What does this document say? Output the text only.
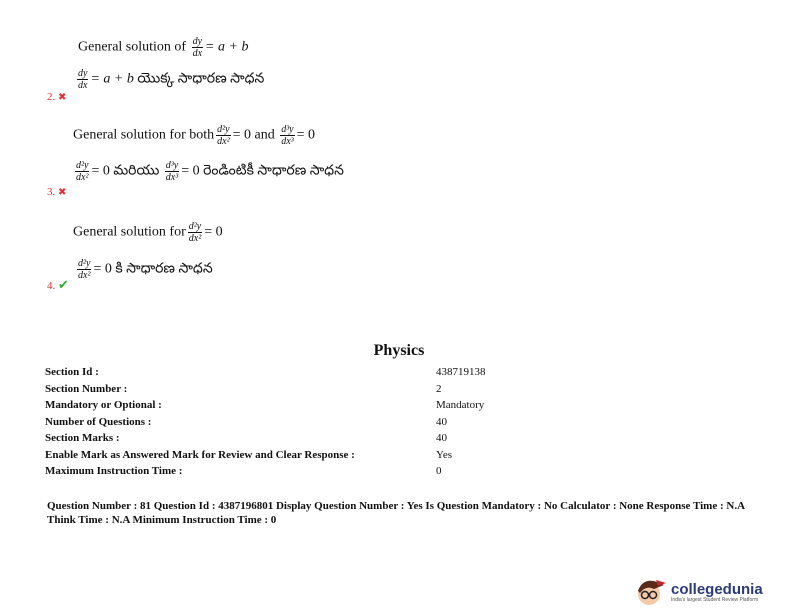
General solution of $\frac{dy}{dx} = a + b$
$\frac{dy}{dx} = a + b$ యొక్క సాధారణ సాధన
2. ✖
General solution for both $\frac{\text{d²y}}{\text{dx²}} = 0$ and $\frac{\text{d³y}}{\text{dx³}} = 0$
$\frac{\text{d²y}}{\text{dx²}} = 0$ మరియు $\frac{\text{d³y}}{\text{dx³}} = 0$ రెండింటికీ సాధారణ సాధన
3. ✖
General solution for $\frac{\text{d²y}}{\text{dx²}} = 0$
$\frac{\text{d²y}}{\text{dx²}} = 0$ కి సాధారణ సాధన
4. ✔
Physics
Section Id :	438719138
Section Number :	2
Mandatory or Optional :	Mandatory
Number of Questions :	40
Section Marks :	40
Enable Mark as Answered Mark for Review and Clear Response :	Yes
Maximum Instruction Time :	0
Question Number : 81 Question Id : 4387196801 Display Question Number : Yes Is Question Mandatory : No Calculator : None Response Time : N.A Think Time : N.A Minimum Instruction Time : 0
collegedunia
India's largest Student Review Platform
